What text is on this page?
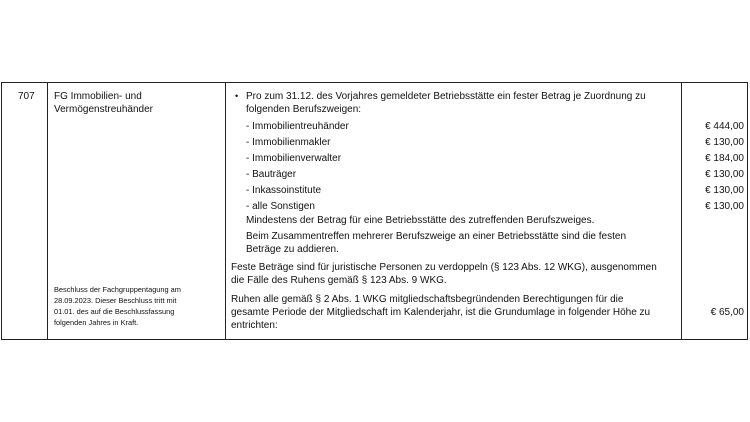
707 FG Immobilien- und
Vermögenstreuhänder
Beschluss der Fachgruppentagung am
28.09.2023. Dieser Beschluss tritt mit
01.01. des auf die Beschlussfassung
folgenden Jahres in Kraft.
• Pro zum 31.12. des Vorjahres gemeldeter Betriebsstätte ein fester Betrag je Zuordnung zu
folgenden Berufszweigen:
- Immobilientreuhänder
- Immobilienmakler
- Immobilienverwalter
- Bauträger
- Inkassoinstitute
- alle Sonstigen
Mindestens der Betrag für eine Betriebsstätte des zutreffenden Berufszweiges.
Beim Zusammentreffen mehrerer Berufszweige an einer Betriebsstätte sind die festen
Beträge zu addieren.
Feste Beträge sind für juristische Personen zu verdoppeln (§ 123 Abs. 12 WKG), ausgenommen
die Fälle des Ruhens gemäß § 123 Abs. 9 WKG.
Ruhen alle gemäß § 2 Abs. 1 WKG mitgliedschaftsbegründenden Berechtigungen für die
gesamte Periode der Mitgliedschaft im Kalenderjahr, ist die Grundumlage in folgender Höhe zu
entrichten:
€ 444,00
€ 130,00
€ 184,00
€ 130,00
€ 130,00
€ 130,00
€ 65,00
